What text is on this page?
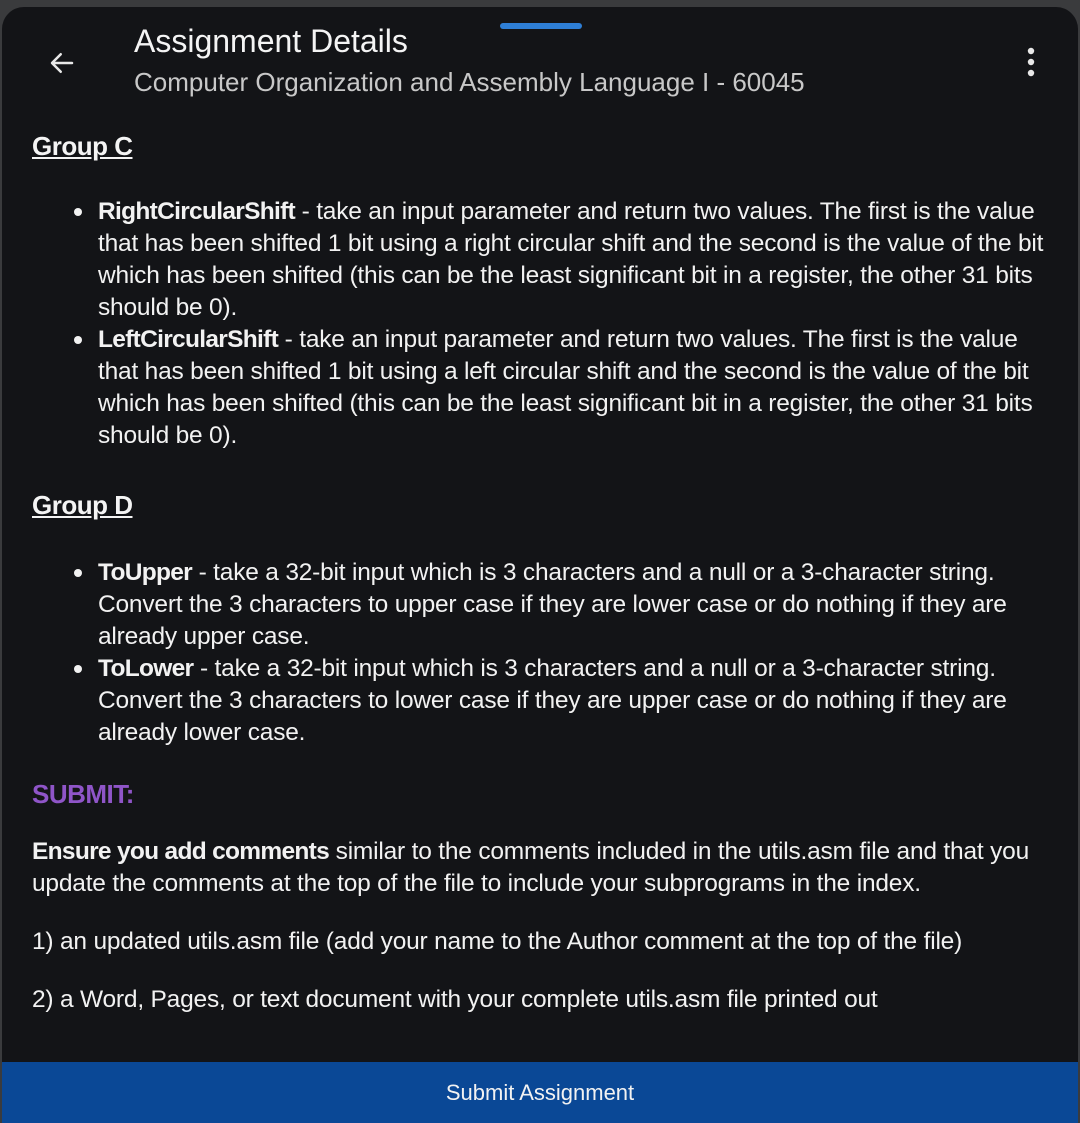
Assignment Details
Computer Organization and Assembly Language I - 60045
Group C
RightCircularShift - take an input parameter and return two values. The first is the value that has been shifted 1 bit using a right circular shift and the second is the value of the bit which has been shifted (this can be the least significant bit in a register, the other 31 bits should be 0).
LeftCircularShift - take an input parameter and return two values. The first is the value that has been shifted 1 bit using a left circular shift and the second is the value of the bit which has been shifted (this can be the least significant bit in a register, the other 31 bits should be 0).
Group D
ToUpper - take a 32-bit input which is 3 characters and a null or a 3-character string. Convert the 3 characters to upper case if they are lower case or do nothing if they are already upper case.
ToLower - take a 32-bit input which is 3 characters and a null or a 3-character string. Convert the 3 characters to lower case if they are upper case or do nothing if they are already lower case.
SUBMIT:

Ensure you add comments similar to the comments included in the utils.asm file and that you update the comments at the top of the file to include your subprograms in the index.

1) an updated utils.asm file (add your name to the Author comment at the top of the file)

2) a Word, Pages, or text document with your complete utils.asm file printed out

Submit Assignment
